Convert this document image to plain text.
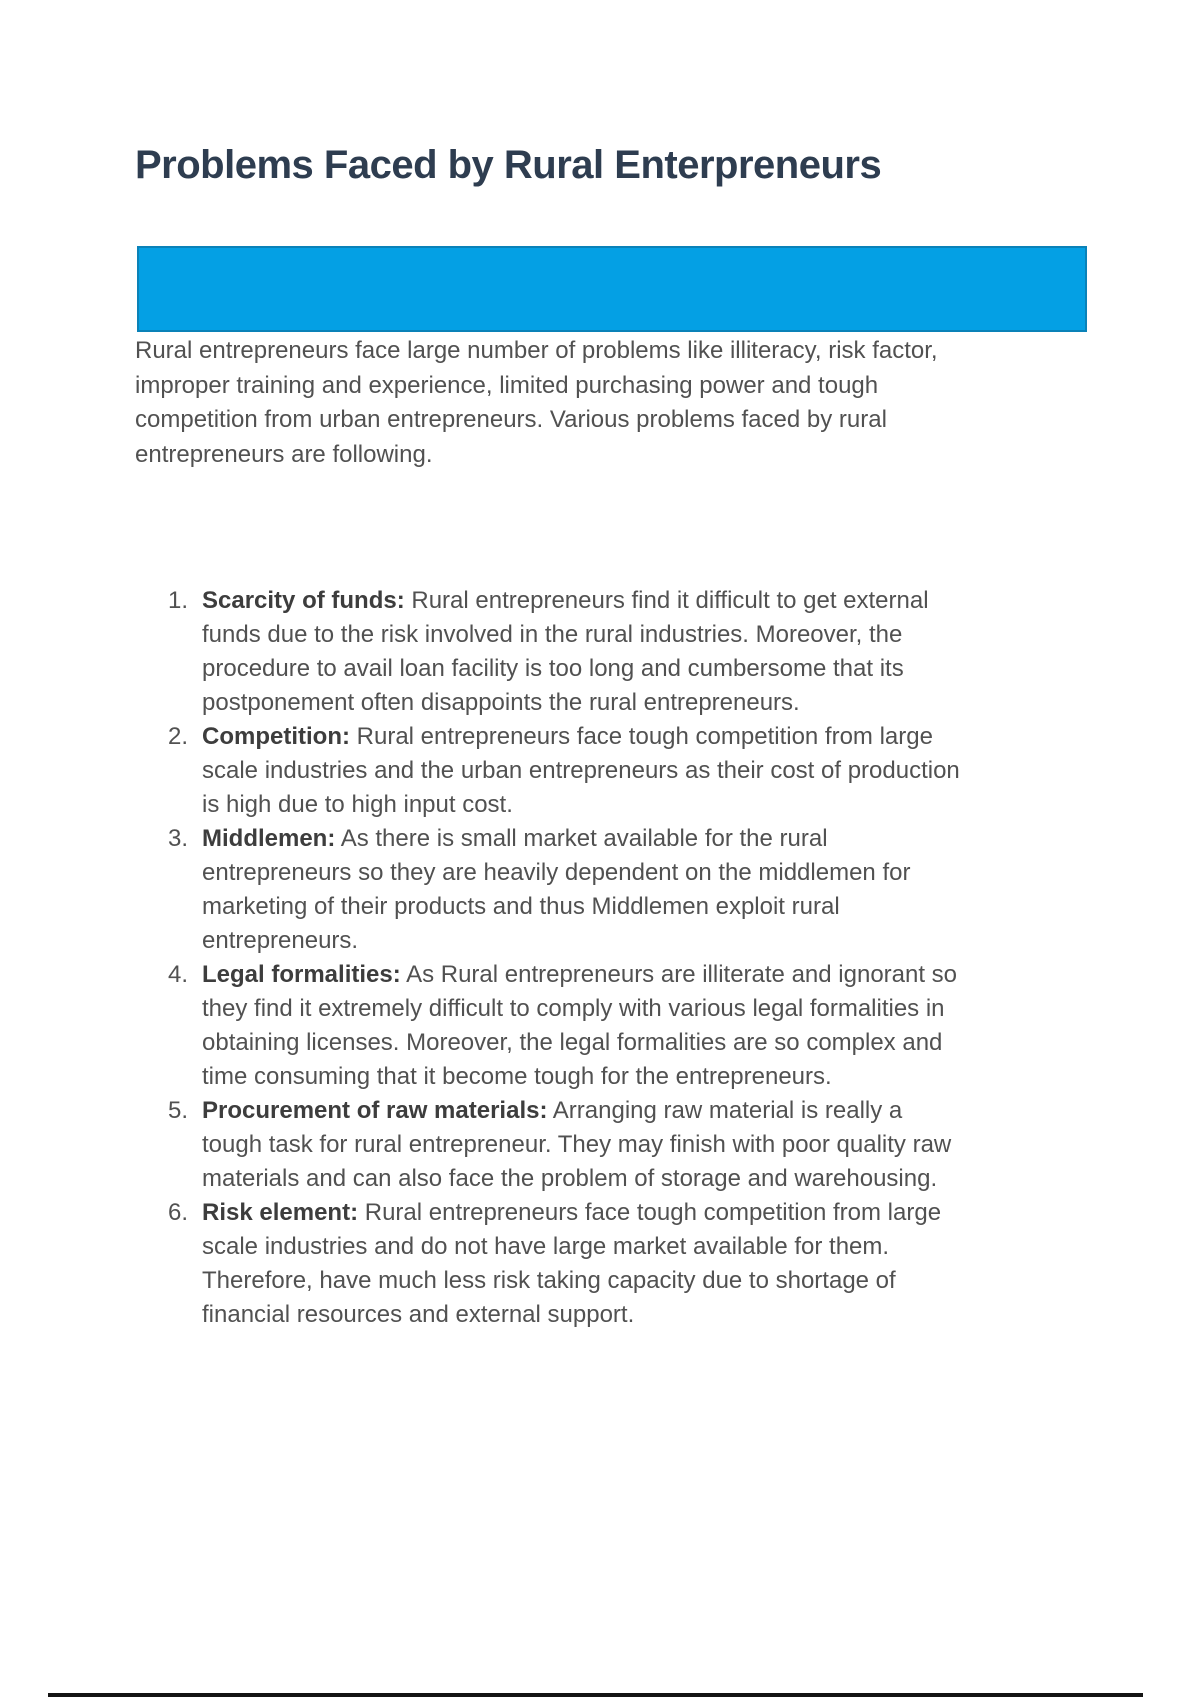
Problems Faced by Rural Enterpreneurs

Rural entrepreneurs face large number of problems like illiteracy, risk factor,
improper training and experience, limited purchasing power and tough
competition from urban entrepreneurs. Various problems faced by rural
entrepreneurs are following.

1. Scarcity of funds: Rural entrepreneurs find it difficult to get external
funds due to the risk involved in the rural industries. Moreover, the
procedure to avail loan facility is too long and cumbersome that its
postponement often disappoints the rural entrepreneurs.
2. Competition: Rural entrepreneurs face tough competition from large
scale industries and the urban entrepreneurs as their cost of production
is high due to high input cost.
3. Middlemen: As there is small market available for the rural
entrepreneurs so they are heavily dependent on the middlemen for
marketing of their products and thus Middlemen exploit rural
entrepreneurs.
4. Legal formalities: As Rural entrepreneurs are illiterate and ignorant so
they find it extremely difficult to comply with various legal formalities in
obtaining licenses. Moreover, the legal formalities are so complex and
time consuming that it become tough for the entrepreneurs.
5. Procurement of raw materials: Arranging raw material is really a
tough task for rural entrepreneur. They may finish with poor quality raw
materials and can also face the problem of storage and warehousing.
6. Risk element: Rural entrepreneurs face tough competition from large
scale industries and do not have large market available for them.
Therefore, have much less risk taking capacity due to shortage of
financial resources and external support.
